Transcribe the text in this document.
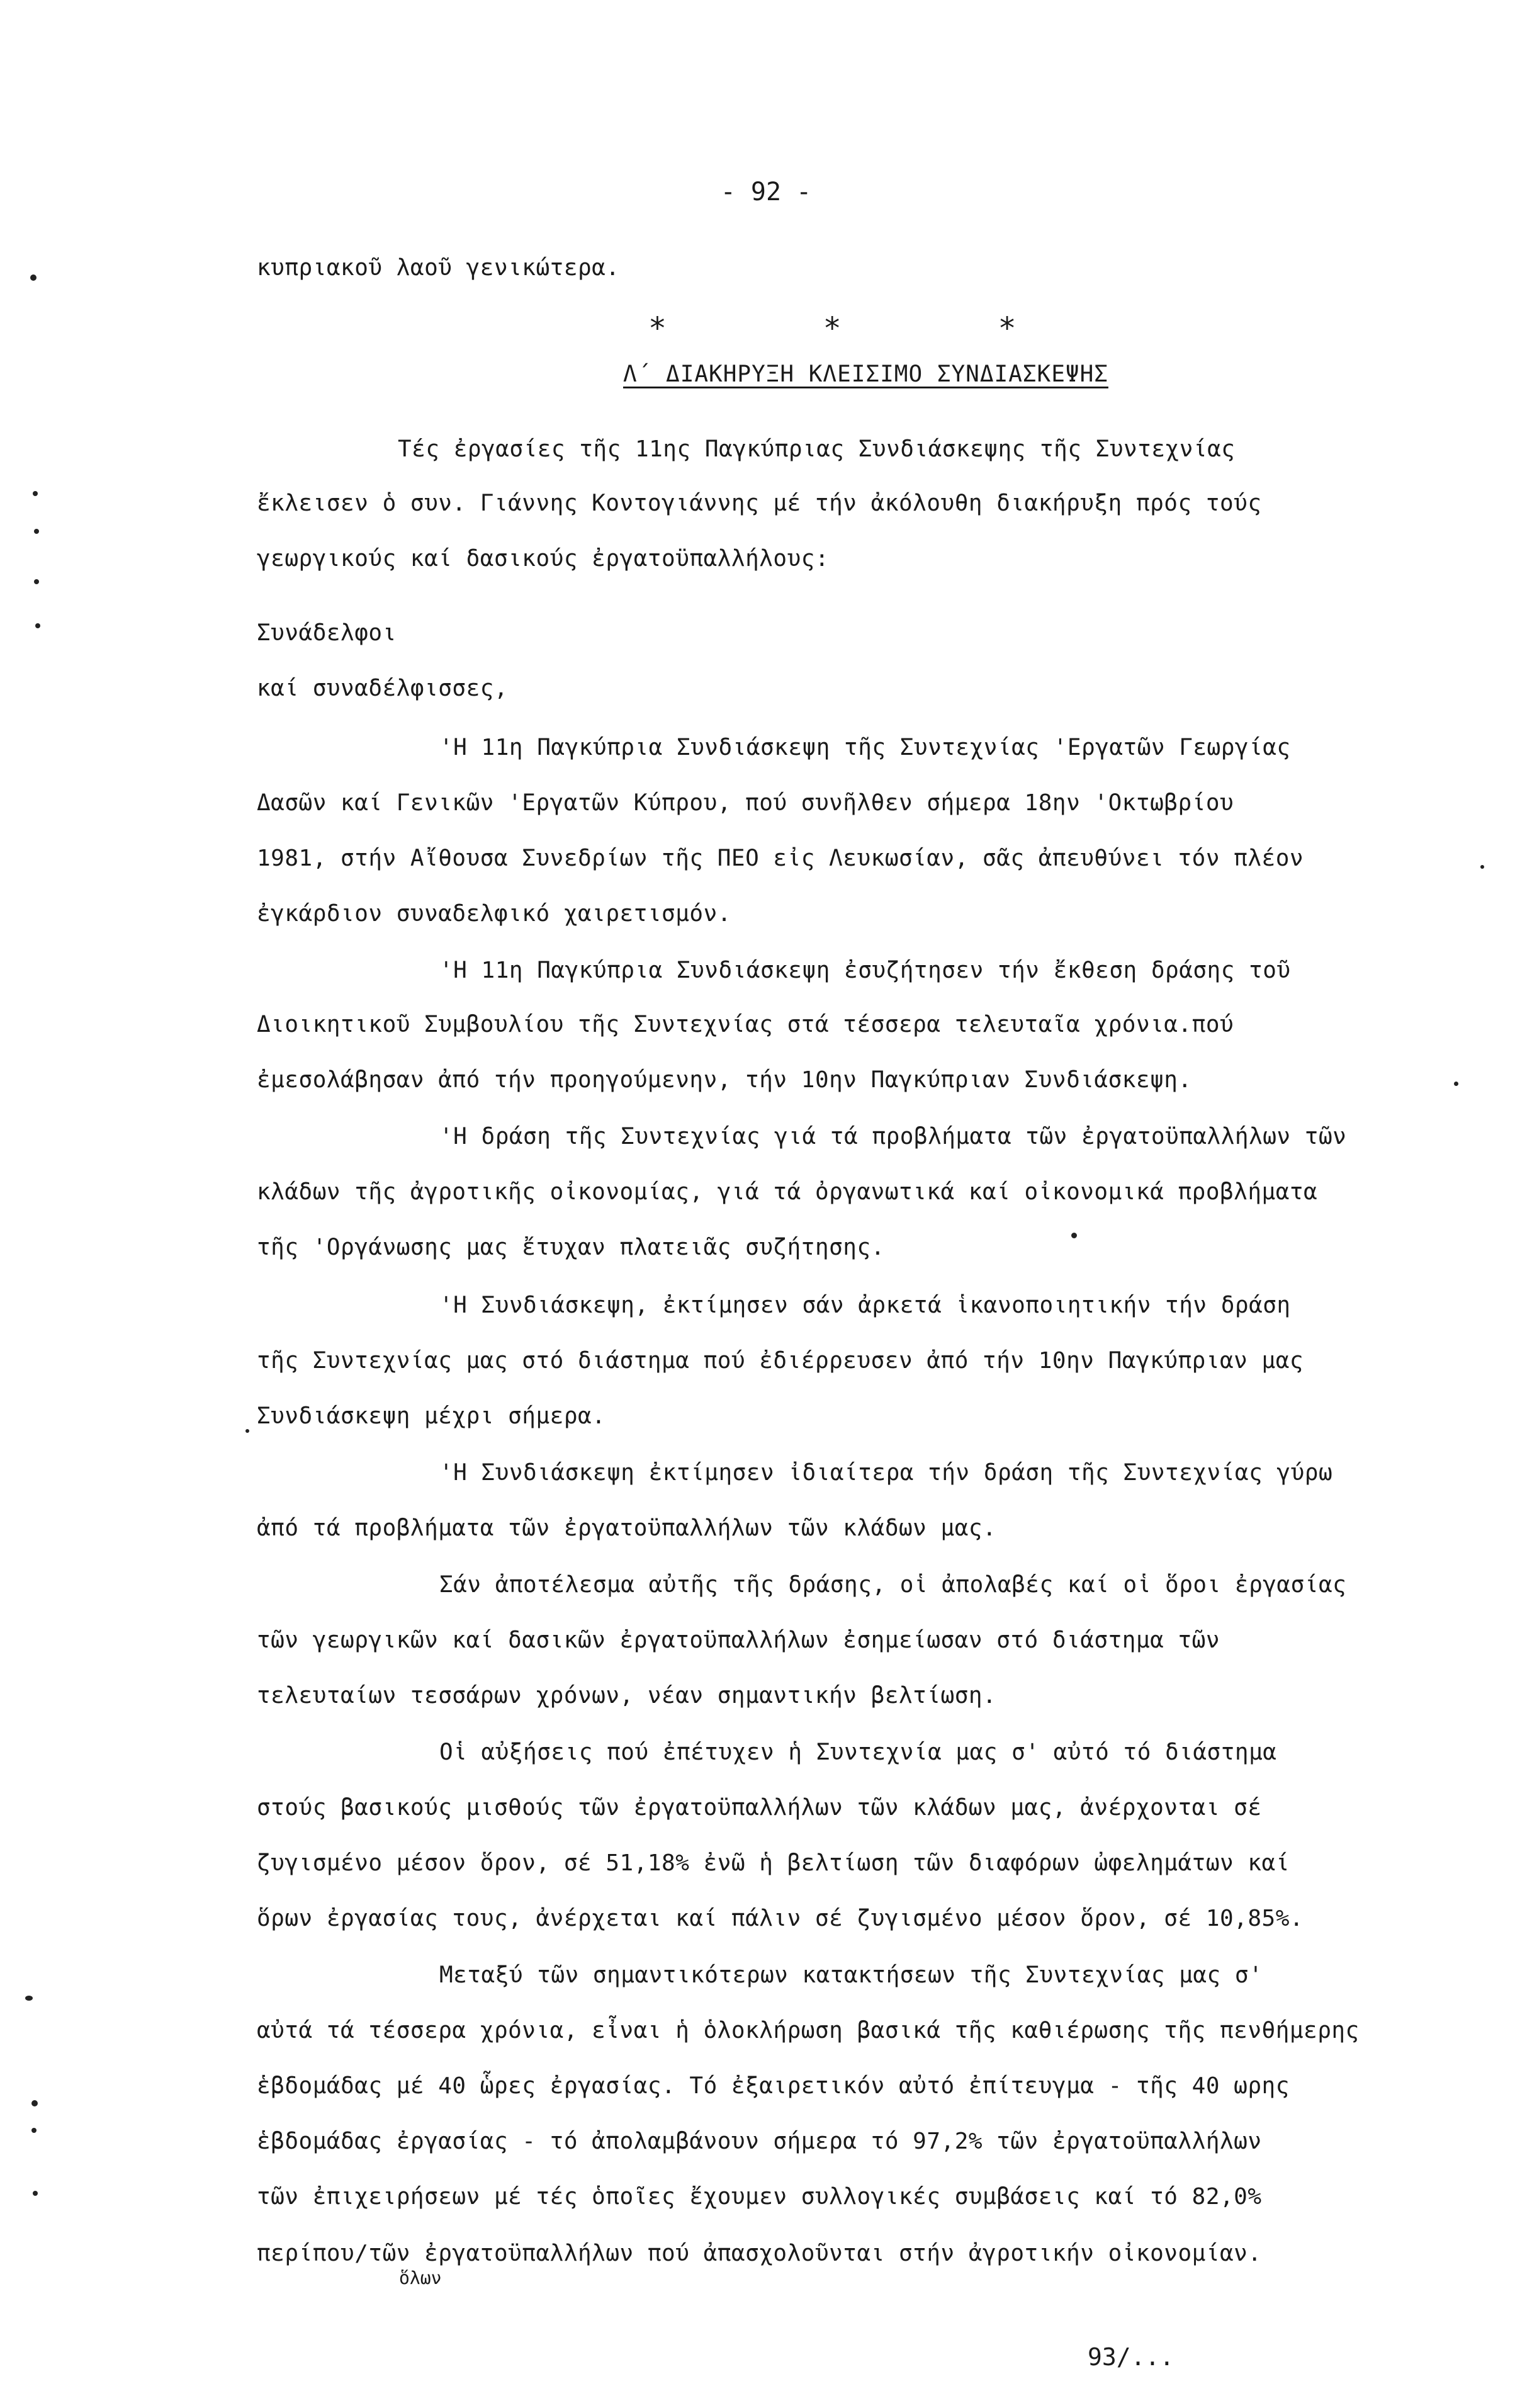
- 92 -
κυπριακοῦ λαοῦ γενικώτερα.
* * *
Λ΄ ΔΙΑΚΗΡΥΞΗ ΚΛΕΙΣΙΜΟ ΣΥΝΔΙΑΣΚΕΨΗΣ
Τές ἐργασίες τῆς 11ης Παγκύπριας Συνδιάσκεψης τῆς Συντεχνίας
ἔκλεισεν ὁ συν. Γιάννης Κοντογιάννης μέ τήν ἀκόλουθη διακήρυξη πρός τούς
γεωργικούς καί δασικούς ἐργατοϋπαλλήλους:
Συνάδελφοι
καί συναδέλφισσες,
'Η 11η Παγκύπρια Συνδιάσκεψη τῆς Συντεχνίας 'Εργατῶν Γεωργίας
Δασῶν καί Γενικῶν 'Εργατῶν Κύπρου, πού συνῆλθεν σήμερα 18ην 'Οκτωβρίου
1981, στήν Αἴθουσα Συνεδρίων τῆς ΠΕΟ εἰς Λευκωσίαν, σᾶς ἀπευθύνει τόν πλέον
ἐγκάρδιον συναδελφικό χαιρετισμόν.
'Η 11η Παγκύπρια Συνδιάσκεψη ἐσυζήτησεν τήν ἔκθεση δράσης τοῦ
Διοικητικοῦ Συμβουλίου τῆς Συντεχνίας στά τέσσερα τελευταῖα χρόνια.πού
ἐμεσολάβησαν ἀπό τήν προηγούμενην, τήν 10ην Παγκύπριαν Συνδιάσκεψη.
'Η δράση τῆς Συντεχνίας γιά τά προβλήματα τῶν ἐργατοϋπαλλήλων τῶν
κλάδων τῆς ἀγροτικῆς οἰκονομίας, γιά τά ὀργανωτικά καί οἰκονομικά προβλήματα
τῆς 'Οργάνωσης μας ἔτυχαν πλατειᾶς συζήτησης.
'Η Συνδιάσκεψη, ἐκτίμησεν σάν ἀρκετά ἱκανοποιητικήν τήν δράση
τῆς Συντεχνίας μας στό διάστημα πού ἐδιέρρευσεν ἀπό τήν 10ην Παγκύπριαν μας
Συνδιάσκεψη μέχρι σήμερα.
'Η Συνδιάσκεψη ἐκτίμησεν ἰδιαίτερα τήν δράση τῆς Συντεχνίας γύρω
ἀπό τά προβλήματα τῶν ἐργατοϋπαλλήλων τῶν κλάδων μας.
Σάν ἀποτέλεσμα αὐτῆς τῆς δράσης, οἱ ἀπολαβές καί οἱ ὅροι ἐργασίας
τῶν γεωργικῶν καί δασικῶν ἐργατοϋπαλλήλων ἐσημείωσαν στό διάστημα τῶν
τελευταίων τεσσάρων χρόνων, νέαν σημαντικήν βελτίωση.
Οἱ αὐξήσεις πού ἐπέτυχεν ἡ Συντεχνία μας σ' αὐτό τό διάστημα
στούς βασικούς μισθούς τῶν ἐργατοϋπαλλήλων τῶν κλάδων μας, ἀνέρχονται σέ
ζυγισμένο μέσον ὅρον, σέ 51,18% ἐνῶ ἡ βελτίωση τῶν διαφόρων ὠφελημάτων καί
ὅρων ἐργασίας τους, ἀνέρχεται καί πάλιν σέ ζυγισμένο μέσον ὅρον, σέ 10,85%.
Μεταξύ τῶν σημαντικότερων κατακτήσεων τῆς Συντεχνίας μας σ'
αὐτά τά τέσσερα χρόνια, εἶναι ἡ ὁλοκλήρωση βασικά τῆς καθιέρωσης τῆς πενθήμερης
ἑβδομάδας μέ 40 ὧρες ἐργασίας. Τό ἐξαιρετικόν αὐτό ἐπίτευγμα - τῆς 40 ωρης
ἑβδομάδας ἐργασίας - τό ἀπολαμβάνουν σήμερα τό 97,2% τῶν ἐργατοϋπαλλήλων
τῶν ἐπιχειρήσεων μέ τές ὁποῖες ἔχουμεν συλλογικές συμβάσεις καί τό 82,0%
ὅλων
περίπου/τῶν ἐργατοϋπαλλήλων πού ἀπασχολοῦνται στήν ἀγροτικήν οἰκονομίαν.
93/...
